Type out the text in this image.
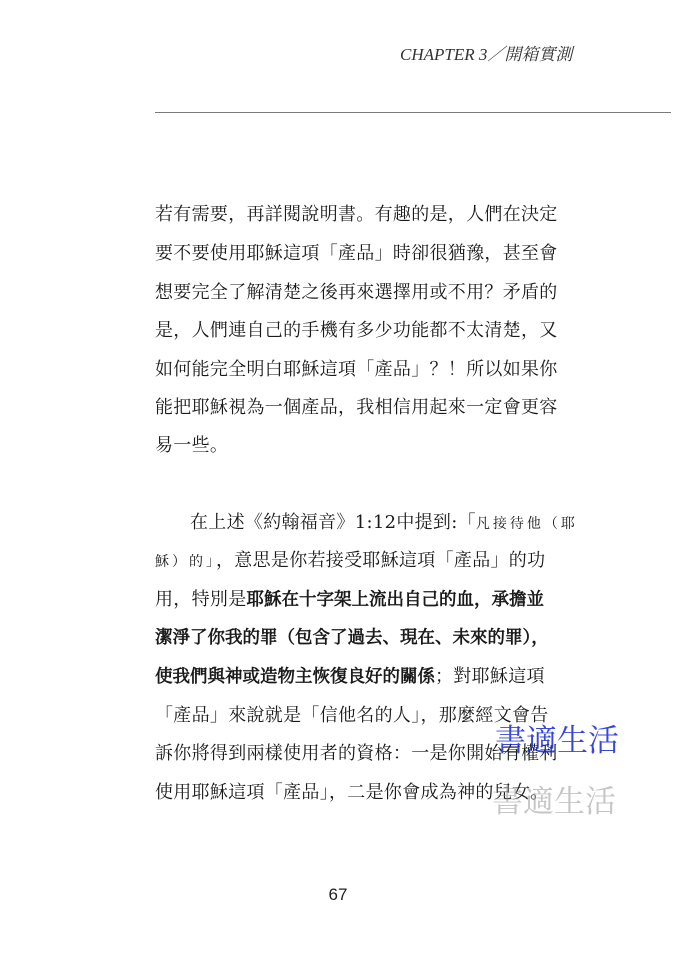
CHAPTER 3／開箱實測
若有需要，再詳閱說明書。有趣的是，人們在決定
要不要使用耶穌這項「產品」時卻很猶豫，甚至會
想要完全了解清楚之後再來選擇用或不用？矛盾的
是，人們連自己的手機有多少功能都不太清楚，又
如何能完全明白耶穌這項「產品」？！所以如果你
能把耶穌視為一個產品，我相信用起來一定會更容
易一些。
在上述《約翰福音》1:12中提到:「凡接待他（耶
穌）的」，意思是你若接受耶穌這項「產品」的功
用，特別是耶穌在十字架上流出自己的血，承擔並
潔淨了你我的罪（包含了過去、現在、未來的罪），
使我們與神或造物主恢復良好的關係；對耶穌這項
「產品」來說就是「信他名的人」，那麼經文會告
訴你將得到兩樣使用者的資格：一是你開始有權利
使用耶穌這項「產品」，二是你會成為神的兒女。
書適生活
書適生活
67
